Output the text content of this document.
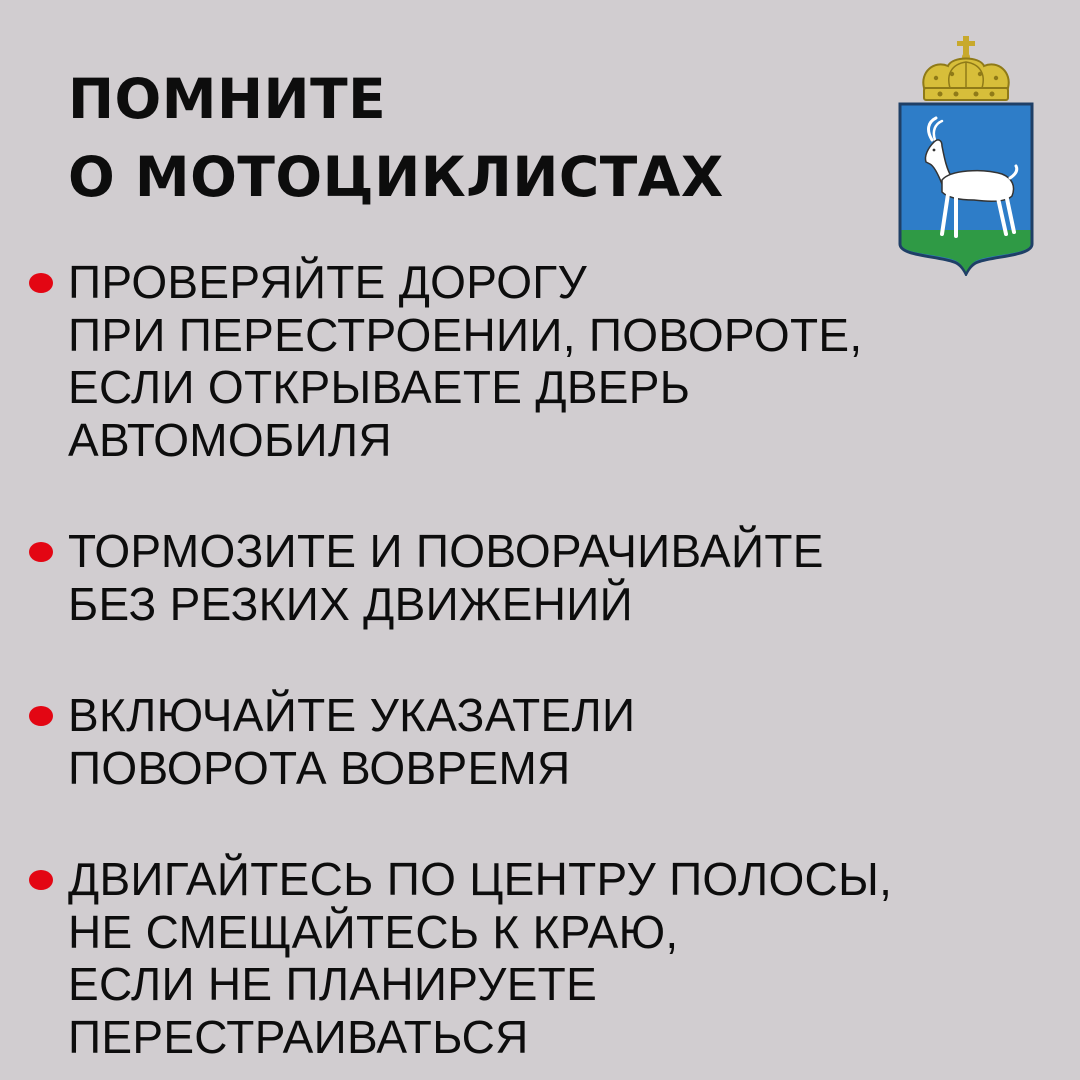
ПОМНИТЕ
О МОТОЦИКЛИСТАХ
ПРОВЕРЯЙТЕ ДОРОГУ
ПРИ ПЕРЕСТРОЕНИИ, ПОВОРОТЕ,
ЕСЛИ ОТКРЫВАЕТЕ ДВЕРЬ
АВТОМОБИЛЯ
ТОРМОЗИТЕ И ПОВОРАЧИВАЙТЕ
БЕЗ РЕЗКИХ ДВИЖЕНИЙ
ВКЛЮЧАЙТЕ УКАЗАТЕЛИ
ПОВОРОТА ВОВРЕМЯ
ДВИГАЙТЕСЬ ПО ЦЕНТРУ ПОЛОСЫ,
НЕ СМЕЩАЙТЕСЬ К КРАЮ,
ЕСЛИ НЕ ПЛАНИРУЕТЕ
ПЕРЕСТРАИВАТЬСЯ
